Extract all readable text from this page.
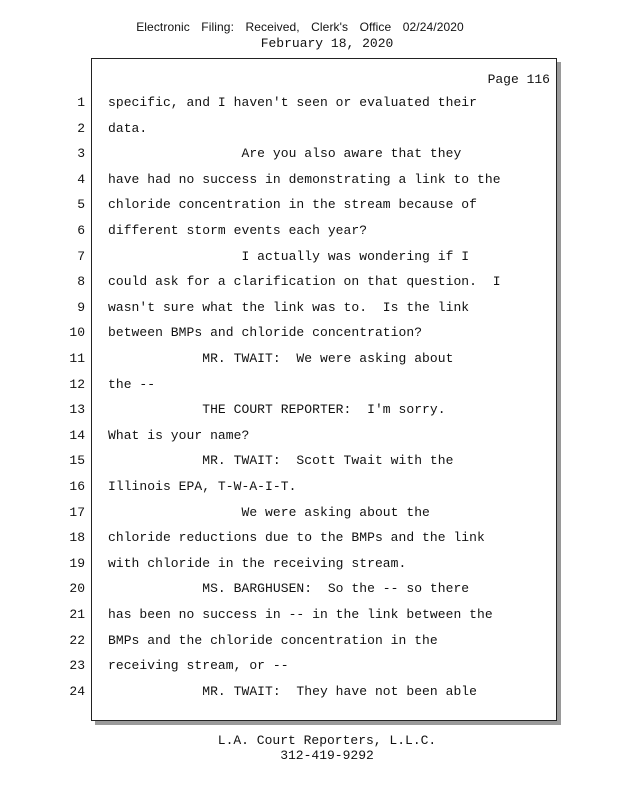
Electronic Filing: Received, Clerk's Office 02/24/2020
February 18, 2020
Page 116
1 specific, and I haven't seen or evaluated their
2 data.
3 Are you also aware that they
4 have had no success in demonstrating a link to the
5 chloride concentration in the stream because of
6 different storm events each year?
7 I actually was wondering if I
8 could ask for a clarification on that question.  I
9 wasn't sure what the link was to.  Is the link
10 between BMPs and chloride concentration?
11 MR. TWAIT:  We were asking about
12 the --
13 THE COURT REPORTER:  I'm sorry.
14 What is your name?
15 MR. TWAIT:  Scott Twait with the
16 Illinois EPA, T-W-A-I-T.
17 We were asking about the
18 chloride reductions due to the BMPs and the link
19 with chloride in the receiving stream.
20 MS. BARGHUSEN:  So the -- so there
21 has been no success in -- in the link between the
22 BMPs and the chloride concentration in the
23 receiving stream, or --
24 MR. TWAIT:  They have not been able
L.A. Court Reporters, L.L.C.
312-419-9292
